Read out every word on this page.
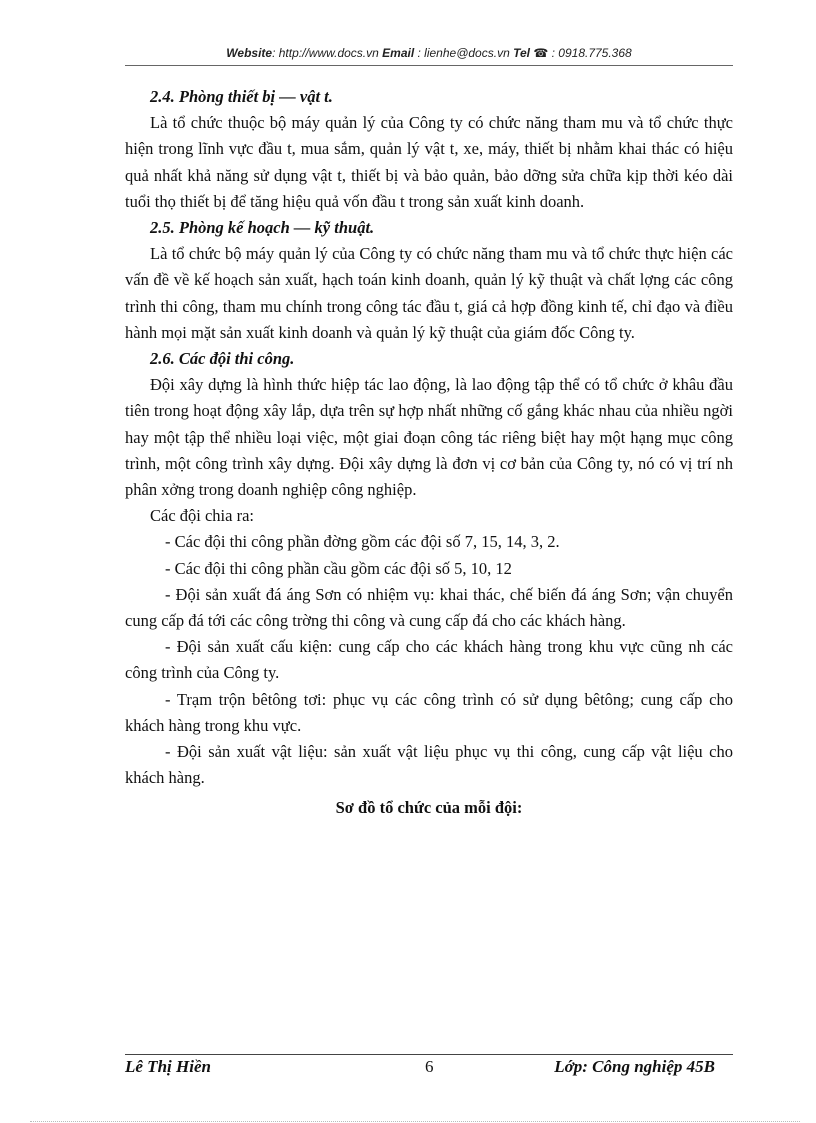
Website: http://www.docs.vn Email : lienhe@docs.vn Tel ☎ : 0918.775.368

2.4. Phòng thiết bị — vật t.

Là tổ chức thuộc bộ máy quản lý của Công ty có chức năng tham mu và tổ chức thực hiện trong lĩnh vực đầu t, mua sắm, quản lý vật t, xe, máy, thiết bị nhằm khai thác có hiệu quả nhất khả năng sử dụng vật t, thiết bị và bảo quản, bảo dỡng sửa chữa kịp thời kéo dài tuổi thọ thiết bị để tăng hiệu quả vốn đầu t trong sản xuất kinh doanh.

2.5. Phòng kế hoạch — kỹ thuật.

Là tổ chức bộ máy quản lý của Công ty có chức năng tham mu và tổ chức thực hiện các vấn đề về kế hoạch sản xuất, hạch toán kinh doanh, quản lý kỹ thuật và chất lợng các công trình thi công, tham mu chính trong công tác đầu t, giá cả hợp đồng kinh tế, chỉ đạo và điều hành mọi mặt sản xuất kinh doanh và quản lý kỹ thuật của giám đốc Công ty.

2.6. Các đội thi công.

Đội xây dựng là hình thức hiệp tác lao động, là lao động tập thể có tổ chức ở khâu đầu tiên trong hoạt động xây lắp, dựa trên sự hợp nhất những cố gắng khác nhau của nhiều ngời hay một tập thể nhiều loại việc, một giai đoạn công tác riêng biệt hay một hạng mục công trình, một công trình xây dựng. Đội xây dựng là đơn vị cơ bản của Công ty, nó có vị trí nh phân xởng trong doanh nghiệp công nghiệp.

Các đội chia ra:

- Các đội thi công phần đờng gồm các đội số 7, 15, 14, 3, 2.

- Các đội thi công phần cầu gồm các đội số 5, 10, 12

- Đội sản xuất đá áng Sơn có nhiệm vụ: khai thác, chế biến đá áng Sơn; vận chuyển cung cấp đá tới các công trờng thi công và cung cấp đá cho các khách hàng.

- Đội sản xuất cấu kiện: cung cấp cho các khách hàng trong khu vực cũng nh các công trình của Công ty.

- Trạm trộn bêtông tơi: phục vụ các công trình có sử dụng bêtông; cung cấp cho khách hàng trong khu vực.

- Đội sản xuất vật liệu: sản xuất vật liệu phục vụ thi công, cung cấp vật liệu cho khách hàng.

Sơ đồ tổ chức của mỗi đội:

Lê Thị Hiền	6	Lớp: Công nghiệp 45B
